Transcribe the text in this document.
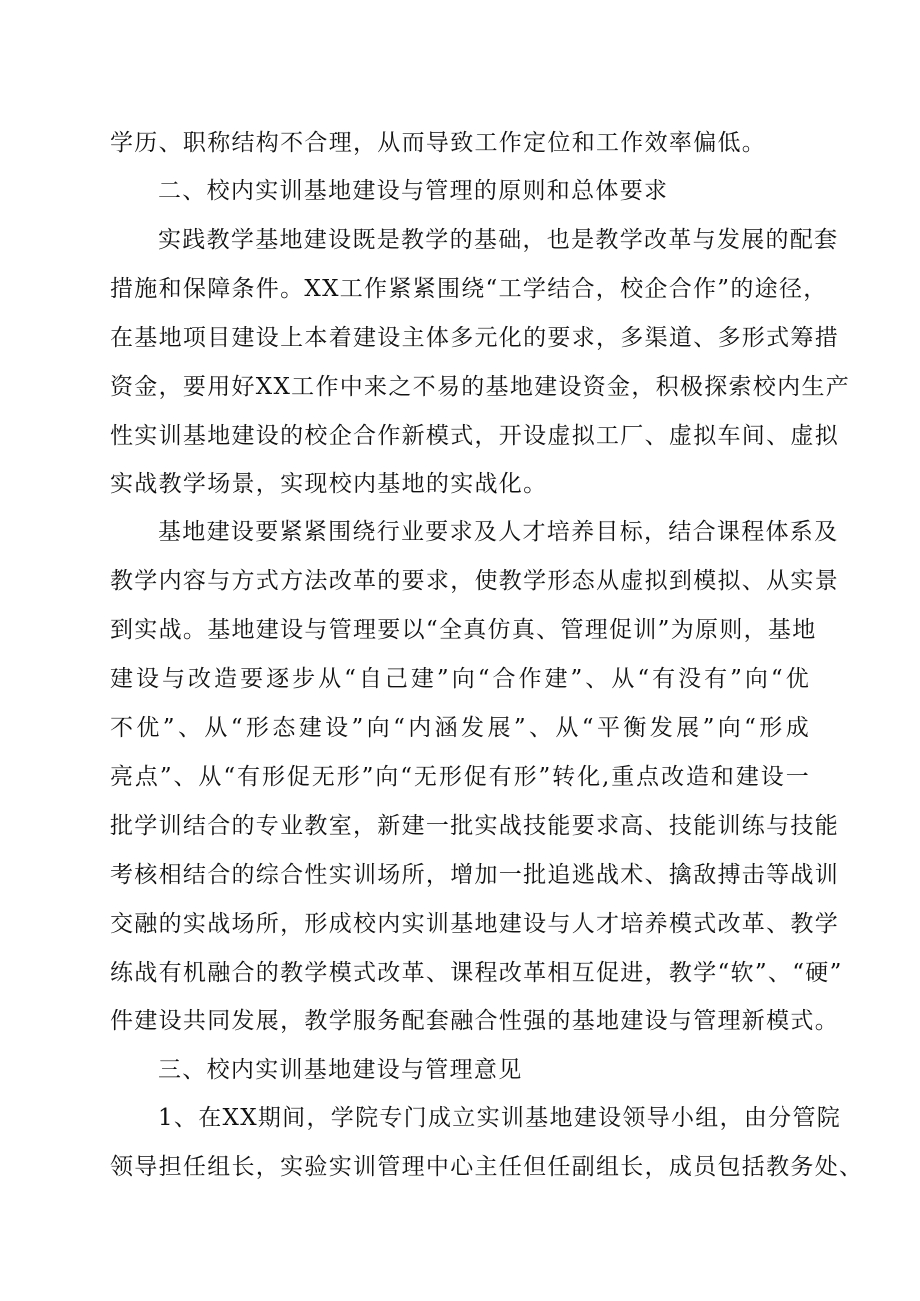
学历、职称结构不合理，从而导致工作定位和工作效率偏低。
二、校内实训基地建设与管理的原则和总体要求
实践教学基地建设既是教学的基础，也是教学改革与发展的配套
措施和保障条件。XX工作紧紧围绕“工学结合，校企合作”的途径，
在基地项目建设上本着建设主体多元化的要求，多渠道、多形式筹措
资金，要用好XX工作中来之不易的基地建设资金，积极探索校内生产
性实训基地建设的校企合作新模式，开设虚拟工厂、虚拟车间、虚拟
实战教学场景，实现校内基地的实战化。
基地建设要紧紧围绕行业要求及人才培养目标，结合课程体系及
教学内容与方式方法改革的要求，使教学形态从虚拟到模拟、从实景
到实战。基地建设与管理要以“全真仿真、管理促训”为原则，基地
建设与改造要逐步从“自己建”向“合作建”、从“有没有”向“优
不优”、从“形态建设”向“内涵发展”、从“平衡发展”向“形成
亮点”、从“有形促无形”向“无形促有形”转化,重点改造和建设一
批学训结合的专业教室，新建一批实战技能要求高、技能训练与技能
考核相结合的综合性实训场所，增加一批追逃战术、擒敌搏击等战训
交融的实战场所，形成校内实训基地建设与人才培养模式改革、教学
练战有机融合的教学模式改革、课程改革相互促进，教学“软”、“硬”
件建设共同发展，教学服务配套融合性强的基地建设与管理新模式。
三、校内实训基地建设与管理意见
1、在XX期间，学院专门成立实训基地建设领导小组，由分管院
领导担任组长，实验实训管理中心主任但任副组长，成员包括教务处、
